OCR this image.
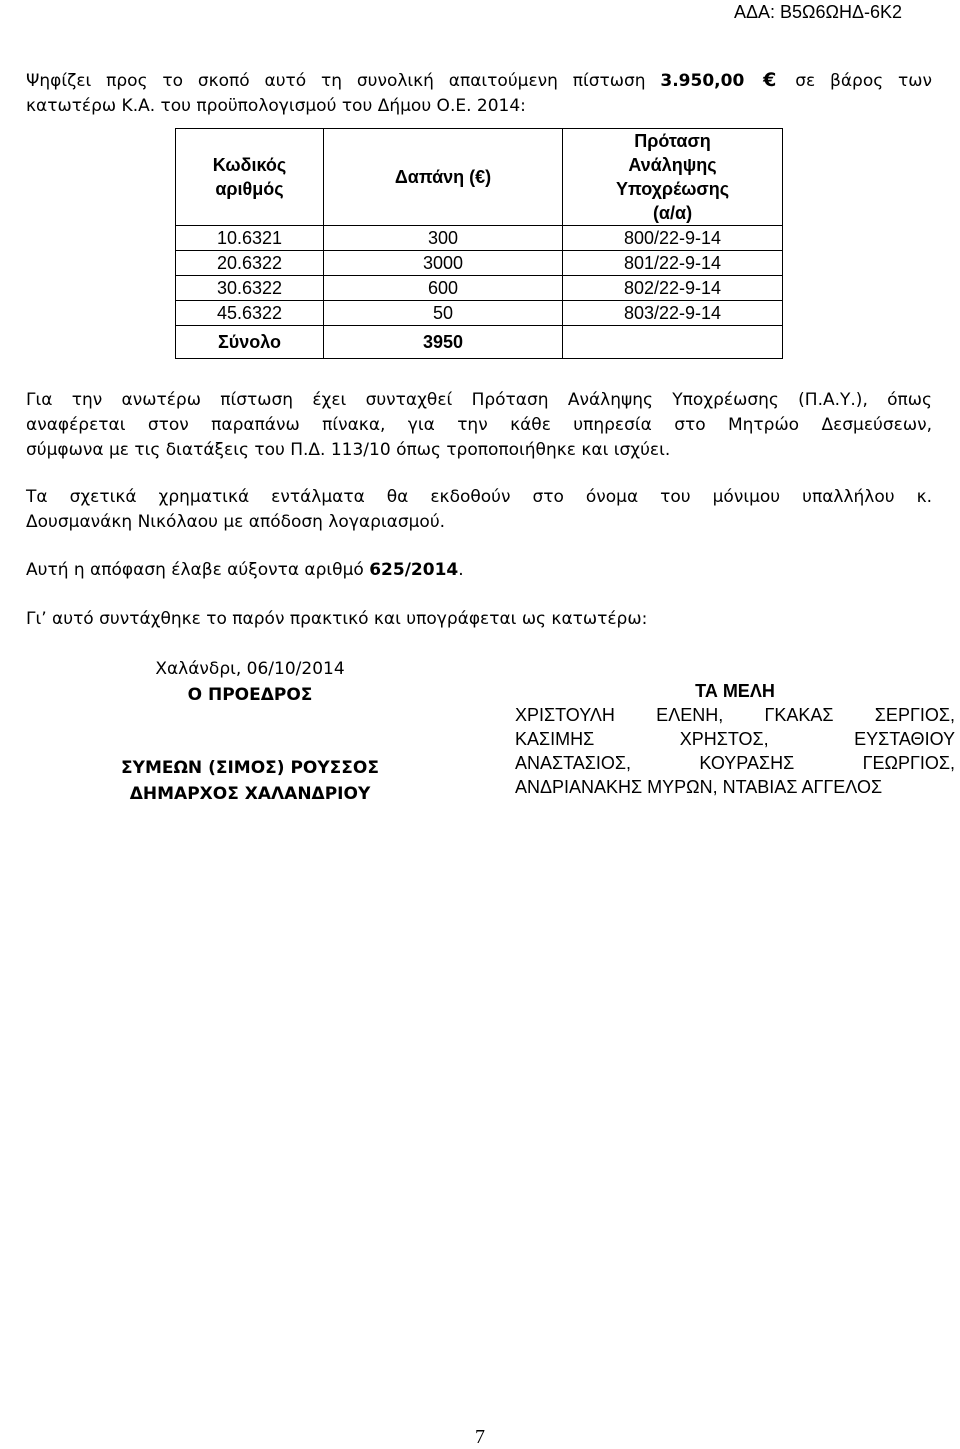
ΑΔΑ: Β5Ω6ΩΗΔ-6Κ2

Ψηφίζει προς το σκοπό αυτό τη συνολική απαιτούμενη πίστωση 3.950,00 € σε βάρος των
κατωτέρω Κ.Α. του προϋπολογισμού του Δήμου Ο.Ε. 2014:

Κωδικός
αριθμός	Δαπάνη (€)	Πρόταση
Ανάληψης
Υποχρέωσης
(α/α)

10.6321	300	800/22-9-14
20.6322	3000	801/22-9-14
30.6322	600	802/22-9-14
45.6322	50	803/22-9-14
Σύνολο	3950	

Για την ανωτέρω πίστωση έχει συνταχθεί Πρόταση Ανάληψης Υποχρέωσης (Π.Α.Υ.), όπως
αναφέρεται στον παραπάνω πίνακα, για την κάθε υπηρεσία στο Μητρώο Δεσμεύσεων,
σύμφωνα με τις διατάξεις του Π.Δ. 113/10 όπως τροποποιήθηκε και ισχύει.

Τα σχετικά χρηματικά εντάλματα θα εκδοθούν στο όνομα του μόνιμου υπαλλήλου κ.
Δουσμανάκη Νικόλαου με απόδοση λογαριασμού.

Αυτή η απόφαση έλαβε αύξοντα αριθμό 625/2014.

Γι’ αυτό συντάχθηκε το παρόν πρακτικό και υπογράφεται ως κατωτέρω:

Χαλάνδρι, 06/10/2014
Ο ΠΡΟΕΔΡΟΣ
ΣΥΜΕΩΝ (ΣΙΜΟΣ) ΡΟΥΣΣΟΣ
ΔΗΜΑΡΧΟΣ ΧΑΛΑΝΔΡΙΟΥ
ΤΑ ΜΕΛΗ
ΧΡΙΣΤΟΥΛΗ ΕΛΕΝΗ, ΓΚΑΚΑΣ ΣΕΡΓΙΟΣ,
ΚΑΣΙΜΗΣ ΧΡΗΣΤΟΣ, ΕΥΣΤΑΘΙΟΥ
ΑΝΑΣΤΑΣΙΟΣ, ΚΟΥΡΑΣΗΣ ΓΕΩΡΓΙΟΣ,
ΑΝΔΡΙΑΝΑΚΗΣ ΜΥΡΩΝ, ΝΤΑΒΙΑΣ ΑΓΓΕΛΟΣ
7
